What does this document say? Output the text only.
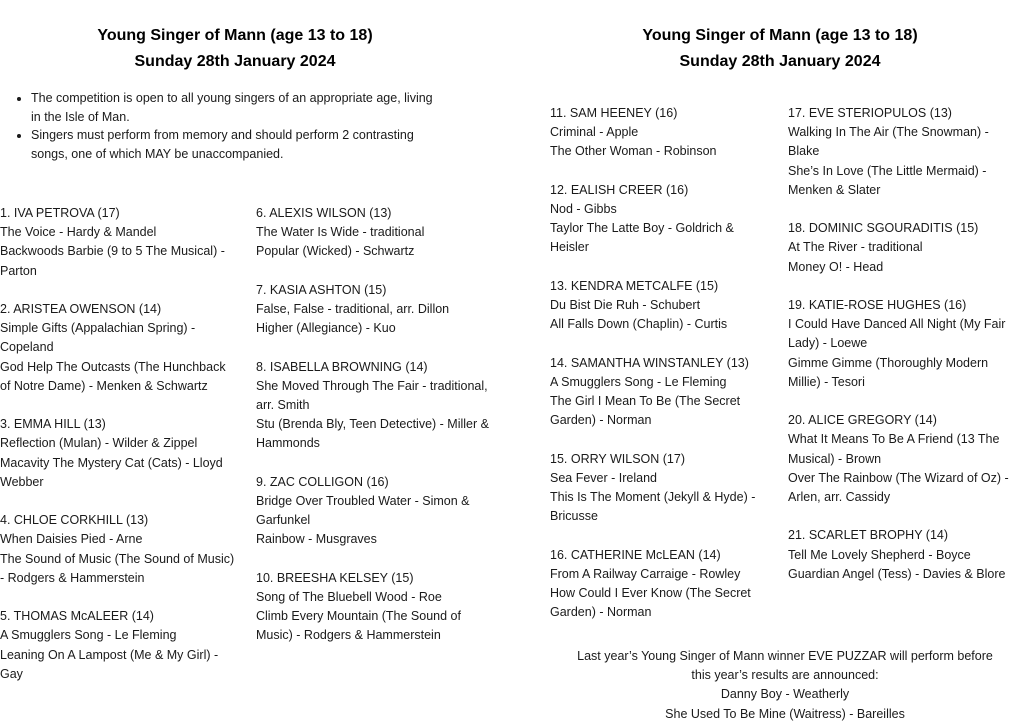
Young Singer of Mann (age 13 to 18)
Sunday 28th January 2024
• The competition is open to all young singers of an appropriate age, living in the Isle of Man.
• Singers must perform from memory and should perform 2 contrasting songs, one of which MAY be unaccompanied.
1. IVA PETROVA (17)
The Voice - Hardy & Mandel
Backwoods Barbie (9 to 5 The Musical) - Parton
2. ARISTEA OWENSON (14)
Simple Gifts (Appalachian Spring) - Copeland
God Help The Outcasts (The Hunchback of Notre Dame) - Menken & Schwartz
3. EMMA HILL (13)
Reflection (Mulan) - Wilder & Zippel
Macavity The Mystery Cat (Cats) - Lloyd Webber
4. CHLOE CORKHILL (13)
When Daisies Pied - Arne
The Sound of Music (The Sound of Music) - Rodgers & Hammerstein
5. THOMAS McALEER (14)
A Smugglers Song - Le Fleming
Leaning On A Lampost (Me & My Girl) - Gay
6. ALEXIS WILSON (13)
The Water Is Wide - traditional
Popular (Wicked) - Schwartz
7. KASIA ASHTON (15)
False, False - traditional, arr. Dillon
Higher (Allegiance) - Kuo
8. ISABELLA BROWNING (14)
She Moved Through The Fair - traditional, arr. Smith
Stu (Brenda Bly, Teen Detective) - Miller & Hammonds
9. ZAC COLLIGON (16)
Bridge Over Troubled Water - Simon & Garfunkel
Rainbow - Musgraves
10. BREESHA KELSEY (15)
Song of The Bluebell Wood - Roe
Climb Every Mountain (The Sound of Music) - Rodgers & Hammerstein
Young Singer of Mann (age 13 to 18)
Sunday 28th January 2024
11. SAM HEENEY (16)
Criminal - Apple
The Other Woman - Robinson
12. EALISH CREER (16)
Nod - Gibbs
Taylor The Latte Boy - Goldrich & Heisler
13. KENDRA METCALFE (15)
Du Bist Die Ruh - Schubert
All Falls Down (Chaplin) - Curtis
14. SAMANTHA WINSTANLEY (13)
A Smugglers Song - Le Fleming
The Girl I Mean To Be (The Secret Garden) - Norman
15. ORRY WILSON (17)
Sea Fever - Ireland
This Is The Moment (Jekyll & Hyde) - Bricusse
16. CATHERINE McLEAN (14)
From A Railway Carraige - Rowley
How Could I Ever Know (The Secret Garden) - Norman
17. EVE STERIOPULOS (13)
Walking In The Air (The Snowman) - Blake
She’s In Love (The Little Mermaid) - Menken & Slater
18. DOMINIC SGOURADITIS (15)
At The River - traditional
Money O! - Head
19. KATIE-ROSE HUGHES (16)
I Could Have Danced All Night (My Fair Lady) - Loewe
Gimme Gimme (Thoroughly Modern Millie) - Tesori
20. ALICE GREGORY (14)
What It Means To Be A Friend (13 The Musical) - Brown
Over The Rainbow (The Wizard of Oz) - Arlen, arr. Cassidy
21. SCARLET BROPHY (14)
Tell Me Lovely Shepherd - Boyce
Guardian Angel (Tess) - Davies & Blore
Last year’s Young Singer of Mann winner EVE PUZZAR will perform before
this year’s results are announced:
Danny Boy - Weatherly
She Used To Be Mine (Waitress) - Bareilles
